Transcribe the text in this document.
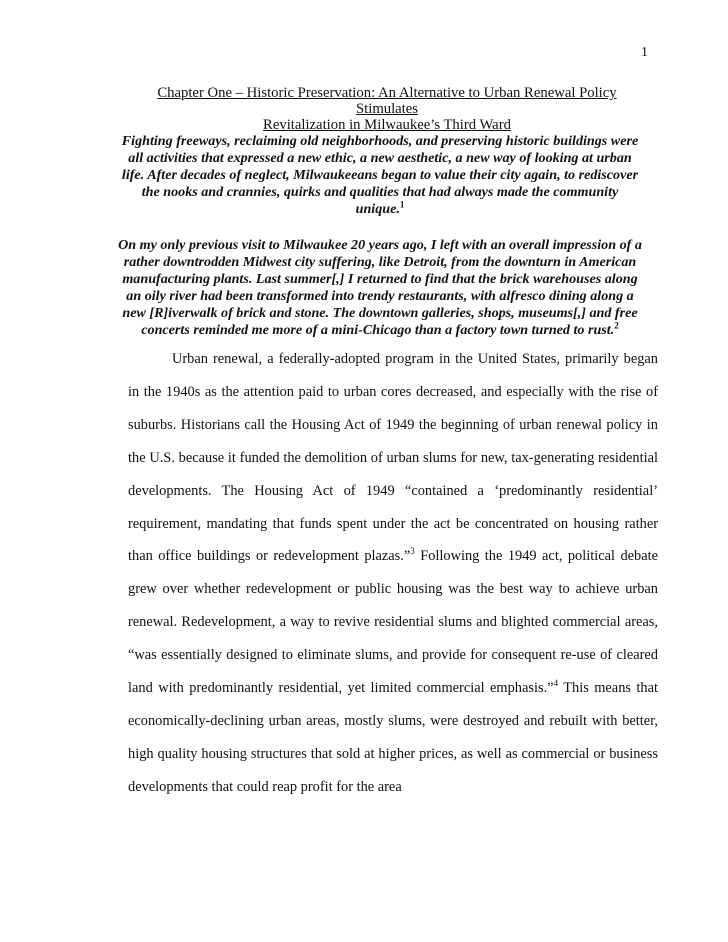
1
Chapter One – Historic Preservation: An Alternative to Urban Renewal Policy Stimulates
Revitalization in Milwaukee’s Third Ward
Fighting freeways, reclaiming old neighborhoods, and preserving historic buildings were all activities that expressed a new ethic, a new aesthetic, a new way of looking at urban life. After decades of neglect, Milwaukeeans began to value their city again, to rediscover the nooks and crannies, quirks and qualities that had always made the community unique.$^1$
On my only previous visit to Milwaukee 20 years ago, I left with an overall impression of a rather downtrodden Midwest city suffering, like Detroit, from the downturn in American manufacturing plants. Last summer[,] I returned to find that the brick warehouses along an oily river had been transformed into trendy restaurants, with alfresco dining along a new [R]iverwalk of brick and stone. The downtown galleries, shops, museums[,] and free concerts reminded me more of a mini-Chicago than a factory town turned to rust.$^2$

Urban renewal, a federally-adopted program in the United States, primarily began in the 1940s as the attention paid to urban cores decreased, and especially with the rise of suburbs. Historians call the Housing Act of 1949 the beginning of urban renewal policy in the U.S. because it funded the demolition of urban slums for new, tax-generating residential developments. The Housing Act of 1949 “contained a ‘predominantly residential’ requirement, mandating that funds spent under the act be concentrated on housing rather than office buildings or redevelopment plazas.”$^3$ Following the 1949 act, political debate grew over whether redevelopment or public housing was the best way to achieve urban renewal. Redevelopment, a way to revive residential slums and blighted commercial areas, “was essentially designed to eliminate slums, and provide for consequent re-use of cleared land with predominantly residential, yet limited commercial emphasis.”$^4$ This means that economically-declining urban areas, mostly slums, were destroyed and rebuilt with better, high quality housing structures that sold at higher prices, as well as commercial or business developments that could reap profit for the area
